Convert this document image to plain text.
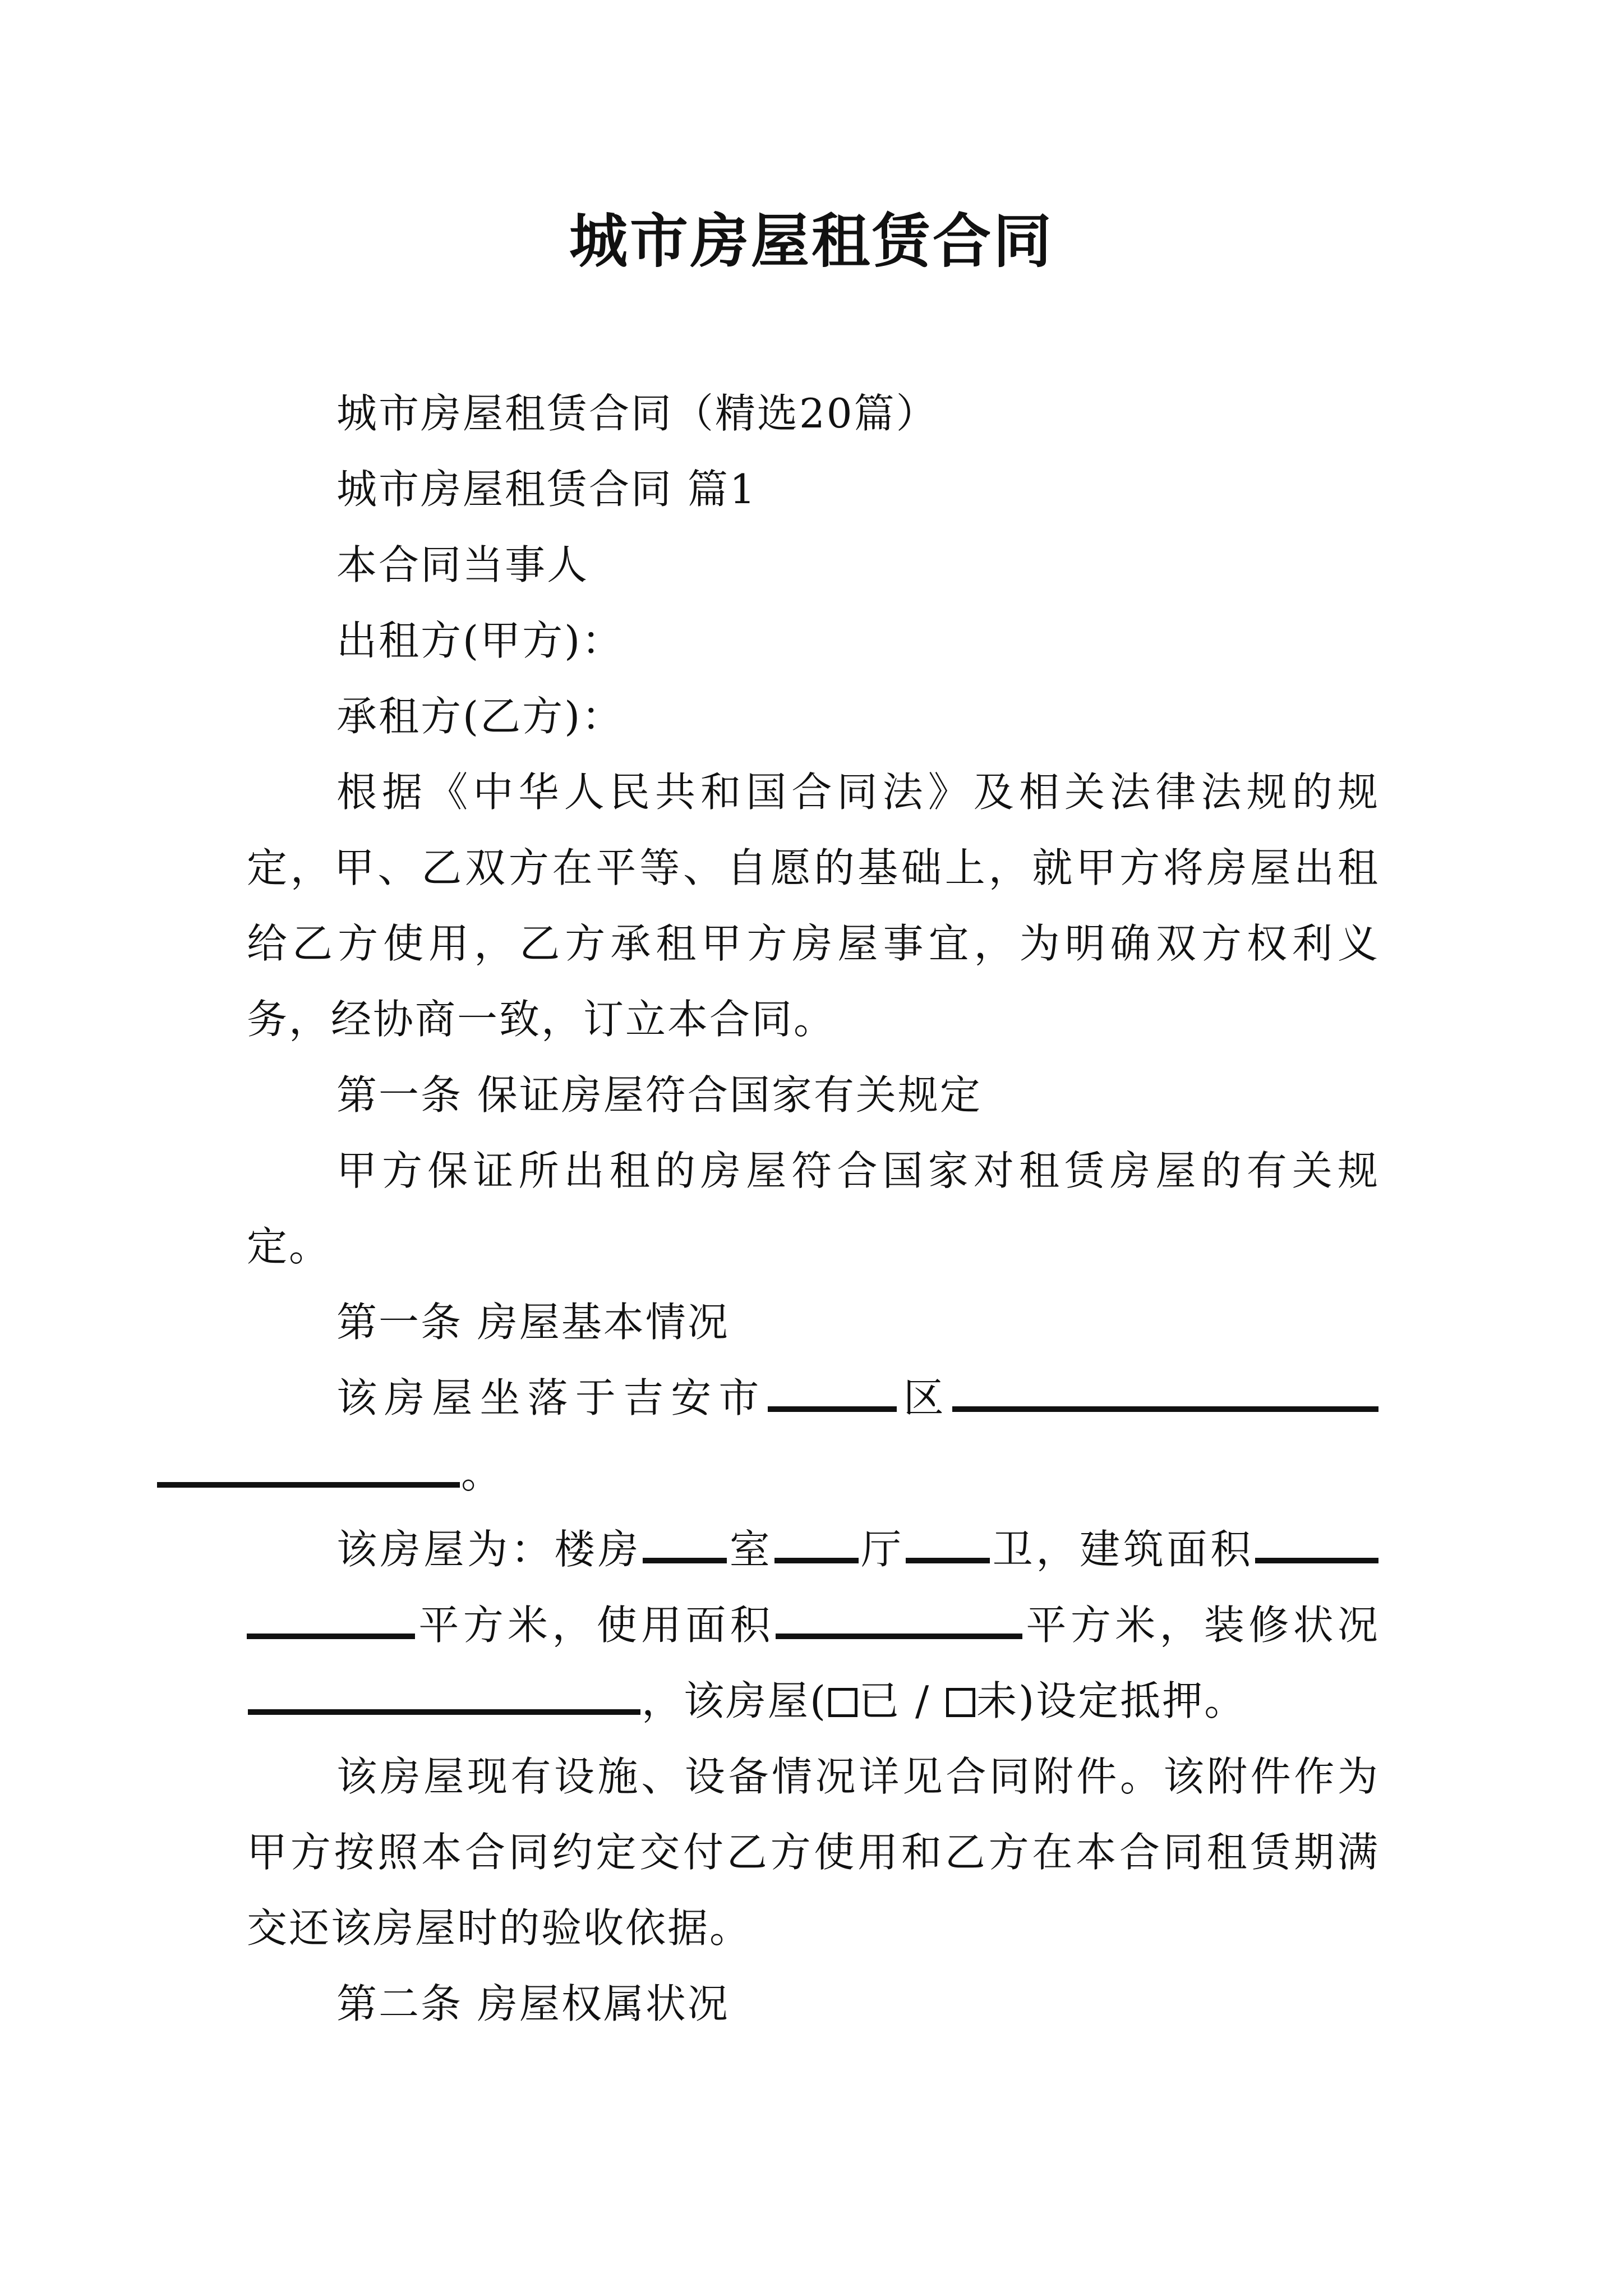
城市房屋租赁合同

城市房屋租赁合同（精选20篇）

城市房屋租赁合同 篇1

本合同当事人

出租方(甲方)：

承租方(乙方)：

根据《中华人民共和国合同法》及相关法律法规的规定，甲、乙双方在平等、自愿的基础上，就甲方将房屋出租给乙方使用，乙方承租甲方房屋事宜，为明确双方权利义务，经协商一致，订立本合同。

第一条 保证房屋符合国家有关规定

甲方保证所出租的房屋符合国家对租赁房屋的有关规定。

第一条 房屋基本情况

该房屋坐落于吉安市	区。

该房屋为：楼房 室 厅 卫，建筑面积平方米，使用面积	平方米，装修状况，该房屋( 已 / 未)设定抵押。

该房屋现有设施、设备情况详见合同附件。该附件作为甲方按照本合同约定交付乙方使用和乙方在本合同租赁期满交还该房屋时的验收依据。

第二条 房屋权属状况
